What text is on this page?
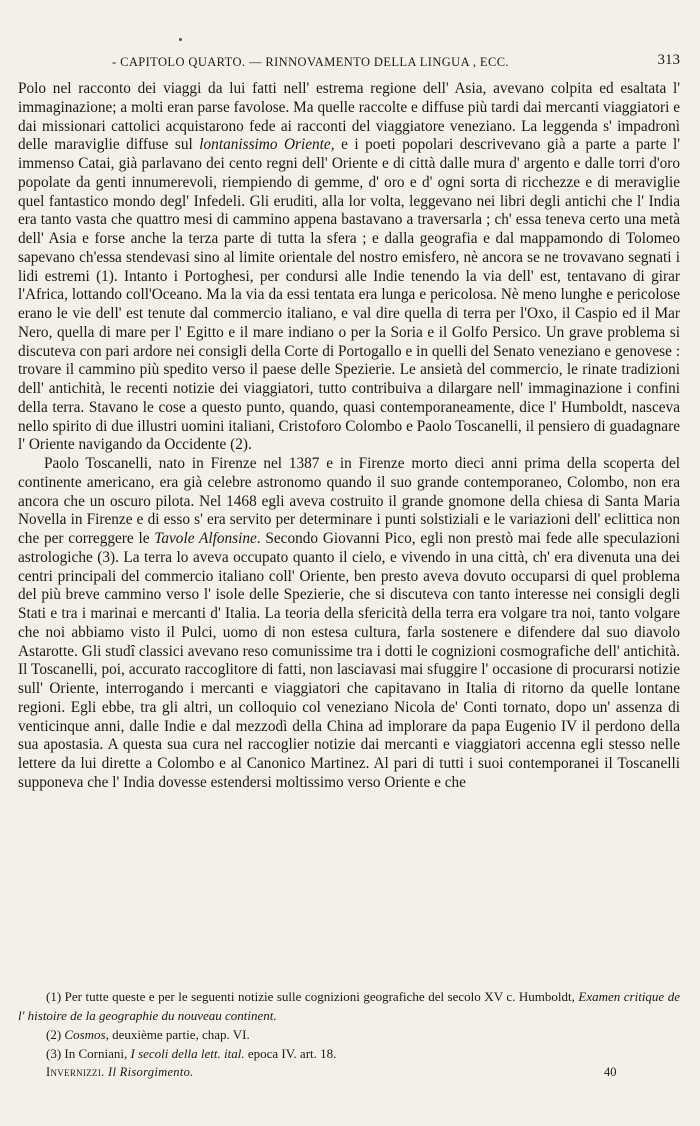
- CAPITOLO QUARTO. — RINNOVAMENTO DELLA LINGUA , ECC.	313

Polo nel racconto dei viaggi da lui fatti nell' estrema regione dell' Asia, avevano colpita ed esaltata l' immaginazione; a molti eran parse favolose. Ma quelle raccolte e diffuse più tardi dai mercanti viaggiatori e dai missionari cattolici acquistarono fede ai racconti del viaggiatore veneziano. La leggenda s' impadronì delle maraviglie diffuse sul lontanissimo Oriente, e i poeti popolari descrivevano già a parte a parte l' immenso Catai, già parlavano dei cento regni dell' Oriente e di città dalle mura d' argento e dalle torri d'oro popolate da genti innumerevoli, riempiendo di gemme, d' oro e d' ogni sorta di ricchezze e di meraviglie quel fantastico mondo degl' Infedeli. Gli eruditi, alla lor volta, leggevano nei libri degli antichi che l' India era tanto vasta che quattro mesi di cammino appena bastavano a traversarla ; ch' essa teneva certo una metà dell' Asia e forse anche la terza parte di tutta la sfera ; e dalla geografia e dal mappamondo di Tolomeo sapevano ch'essa stendevasi sino al limite orientale del nostro emisfero, nè ancora se ne trovavano segnati i lidi estremi (1). Intanto i Portoghesi, per condursi alle Indie tenendo la via dell' est, tentavano di girar l'Africa, lottando coll'Oceano. Ma la via da essi tentata era lunga e pericolosa. Nè meno lunghe e pericolose erano le vie dell' est tenute dal commercio italiano, e val dire quella di terra per l'Oxo, il Caspio ed il Mar Nero, quella di mare per l' Egitto e il mare indiano o per la Soria e il Golfo Persico. Un grave problema si discuteva con pari ardore nei consigli della Corte di Portogallo e in quelli del Senato veneziano e genovese : trovare il cammino più spedito verso il paese delle Spezierie. Le ansietà del commercio, le rinate tradizioni dell' antichità, le recenti notizie dei viaggiatori, tutto contribuiva a dilargare nell' immaginazione i confini della terra. Stavano le cose a questo punto, quando, quasi contemporaneamente, dice l' Humboldt, nasceva nello spirito di due illustri uomini italiani, Cristoforo Colombo e Paolo Toscanelli, il pensiero di guadagnare l' Oriente navigando da Occidente (2).

Paolo Toscanelli, nato in Firenze nel 1387 e in Firenze morto dieci anni prima della scoperta del continente americano, era già celebre astronomo quando il suo grande contemporaneo, Colombo, non era ancora che un oscuro pilota. Nel 1468 egli aveva costruito il grande gnomone della chiesa di Santa Maria Novella in Firenze e di esso s' era servito per determinare i punti solstiziali e le variazioni dell' eclittica non che per correggere le Tavole Alfonsine. Secondo Giovanni Pico, egli non prestò mai fede alle speculazioni astrologiche (3). La terra lo aveva occupato quanto il cielo, e vivendo in una città, ch' era divenuta una dei centri principali del commercio italiano coll' Oriente, ben presto aveva dovuto occuparsi di quel problema del più breve cammino verso l' isole delle Spezierie, che si discuteva con tanto interesse nei consigli degli Stati e tra i marinai e mercanti d' Italia. La teoria della sfericità della terra era volgare tra noi, tanto volgare che noi abbiamo visto il Pulci, uomo di non estesa cultura, farla sostenere e difendere dal suo diavolo Astarotte. Gli studî classici avevano reso comunissime tra i dotti le cognizioni cosmografiche dell' antichità. Il Toscanelli, poi, accurato raccoglitore di fatti, non lasciavasi mai sfuggire l' occasione di procurarsi notizie sull' Oriente, interrogando i mercanti e viaggiatori che capitavano in Italia di ritorno da quelle lontane regioni. Egli ebbe, tra gli altri, un colloquio col veneziano Nicola de' Conti tornato, dopo un' assenza di venticinque anni, dalle Indie e dal mezzodì della China ad implorare da papa Eugenio IV il perdono della sua apostasia. A questa sua cura nel raccoglier notizie dai mercanti e viaggiatori accenna egli stesso nelle lettere da lui dirette a Colombo e al Canonico Martinez. Al pari di tutti i suoi contemporanei il Toscanelli supponeva che l' India dovesse estendersi moltissimo verso Oriente e che

(1) Per tutte queste e per le seguenti notizie sulle cognizioni geografiche del secolo XV c. Humboldt, Examen critique de l' histoire de la geographie du nouveau continent.
(2) Cosmos, deuxième partie, chap. VI.
(3) In Corniani, I secoli della lett. ital. epoca IV. art. 18.
Invernizzi. Il Risorgimento.	40
